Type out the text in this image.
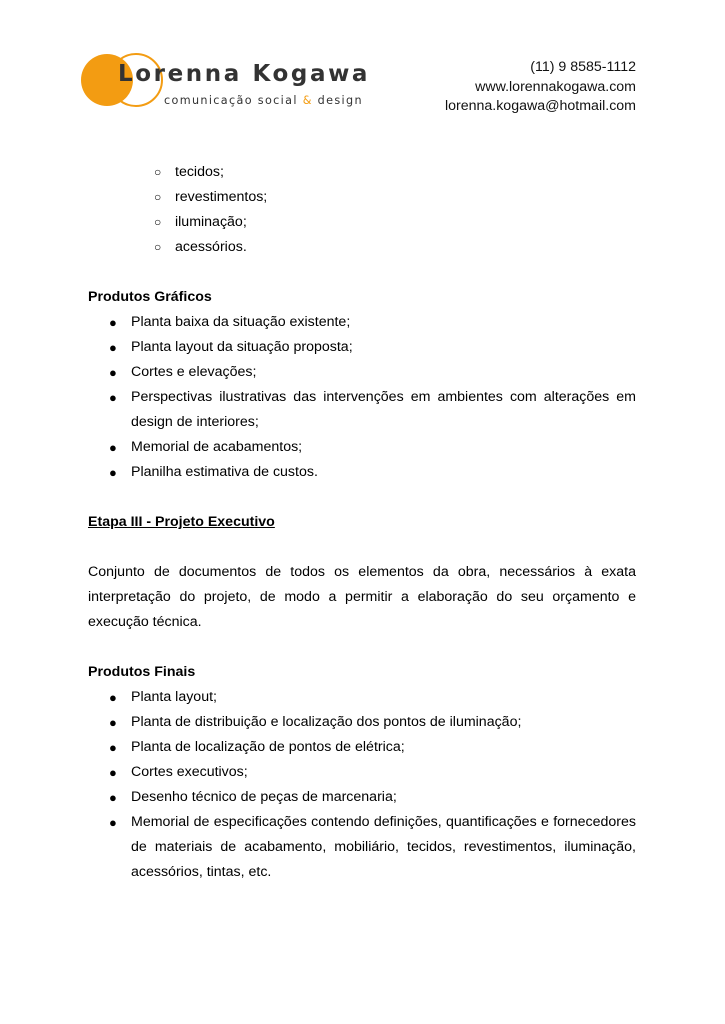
Lorenna Kogawa
comunicação social & design
(11) 9 8585-1112
www.lorennakogawa.com
lorenna.kogawa@hotmail.com
○ tecidos;
○ revestimentos;
○ iluminação;
○ acessórios.
Produtos Gráficos
● Planta baixa da situação existente;
● Planta layout da situação proposta;
● Cortes e elevações;
● Perspectivas ilustrativas das intervenções em ambientes com alterações em design de interiores;
● Memorial de acabamentos;
● Planilha estimativa de custos.
Etapa III - Projeto Executivo
Conjunto de documentos de todos os elementos da obra, necessários à exata interpretação do projeto, de modo a permitir a elaboração do seu orçamento e execução técnica.
Produtos Finais
● Planta layout;
● Planta de distribuição e localização dos pontos de iluminação;
● Planta de localização de pontos de elétrica;
● Cortes executivos;
● Desenho técnico de peças de marcenaria;
● Memorial de especificações contendo definições, quantificações e fornecedores de materiais de acabamento, mobiliário, tecidos, revestimentos, iluminação, acessórios, tintas, etc.
